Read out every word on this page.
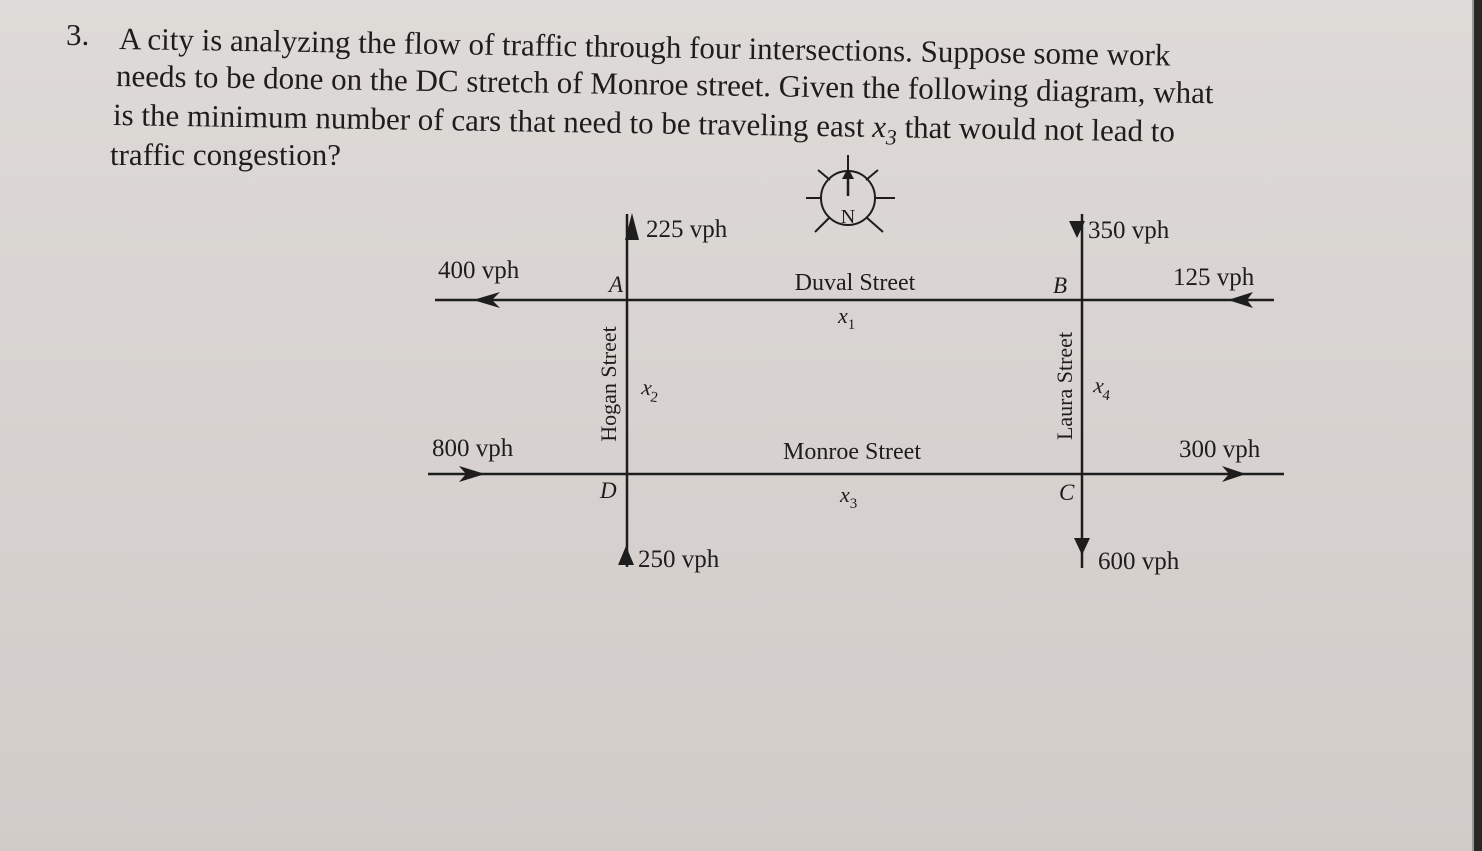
3. A city is analyzing the flow of traffic through four intersections. Suppose some work
needs to be done on the DC stretch of Monroe street. Given the following diagram, what
is the minimum number of cars that need to be traveling east $x_3$ that would not lead to
traffic congestion?
N
225 vph
400 vph
350 vph
125 vph
800 vph
250 vph
300 vph
600 vph
Duval Street
Monroe Street
Hogan Street	Laura Street
A	B
C
D
$x_1$
$x_2$
$x_3$
$x_4$
